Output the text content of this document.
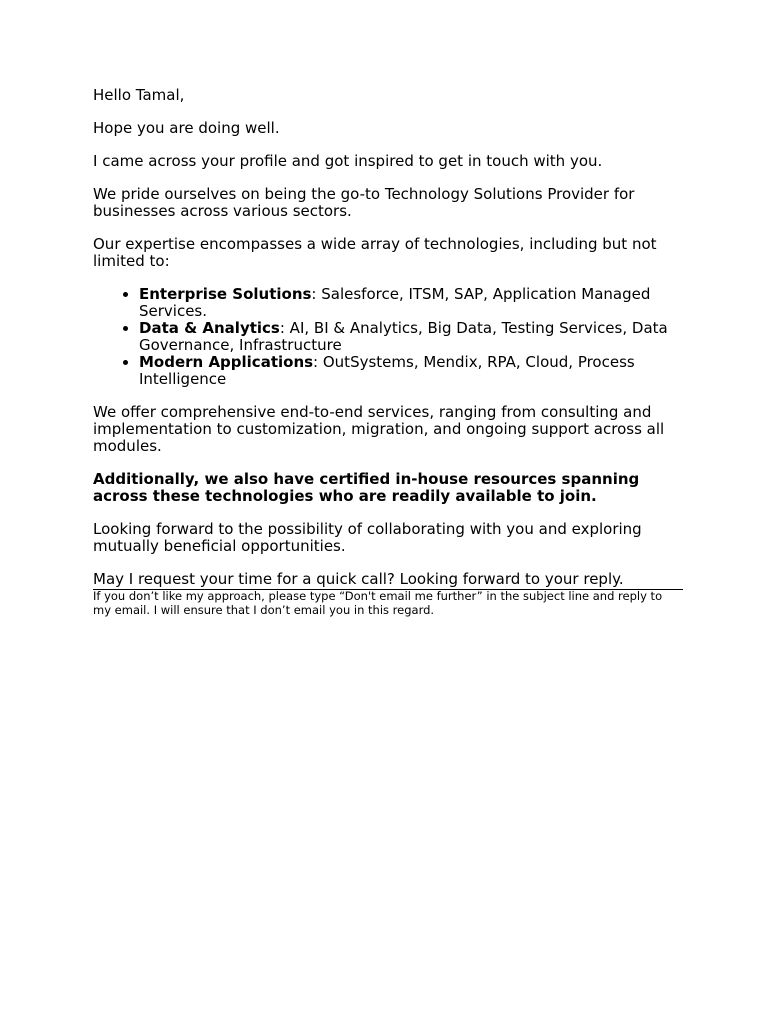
Hello Tamal,

Hope you are doing well.

I came across your profile and got inspired to get in touch with you.

We pride ourselves on being the go-to Technology Solutions Provider for businesses across various sectors.

Our expertise encompasses a wide array of technologies, including but not limited to:

• Enterprise Solutions: Salesforce, ITSM, SAP, Application Managed Services.
• Data & Analytics: AI, BI & Analytics, Big Data, Testing Services, Data Governance, Infrastructure
• Modern Applications: OutSystems, Mendix, RPA, Cloud, Process Intelligence

We offer comprehensive end-to-end services, ranging from consulting and implementation to customization, migration, and ongoing support across all modules.

Additionally, we also have certified in-house resources spanning across these technologies who are readily available to join.

Looking forward to the possibility of collaborating with you and exploring mutually beneficial opportunities.

May I request your time for a quick call? Looking forward to your reply.

If you don’t like my approach, please type “Don't email me further” in the subject line and reply to my email. I will ensure that I don’t email you in this regard.
